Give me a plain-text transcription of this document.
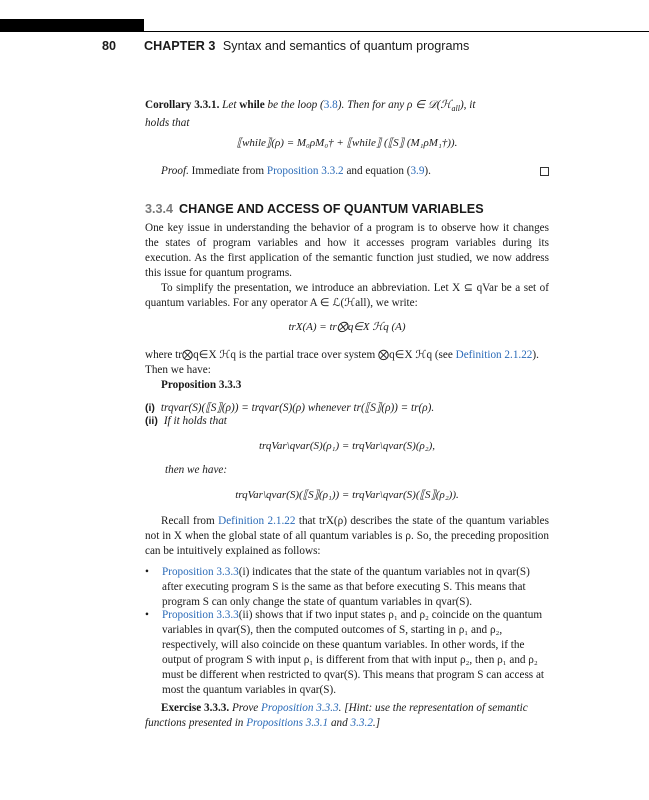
80 CHAPTER 3 Syntax and semantics of quantum programs
Corollary 3.3.1. Let while be the loop (3.8). Then for any ρ ∈ 𝒟(ℋ$_{all}$), it
holds that
⟦while⟧(ρ) = M₀ρM₀† + ⟦while⟧ (⟦S⟧ (M₁ρM₁†)).
Proof. Immediate from Proposition 3.3.2 and equation (3.9).
3.3.4 CHANGE AND ACCESS OF QUANTUM VARIABLES
One key issue in understanding the behavior of a program is to observe how it changes the states of program variables and how it accesses program variables during its execution. As the first application of the semantic function just studied, we now address this issue for quantum programs.
To simplify the presentation, we introduce an abbreviation. Let X ⊆ qVar be a set of quantum variables. For any operator A ∈ ℒ(ℋall), we write:
trX(A) = tr⨂q∈X ℋq (A)
where tr⨂q∈X ℋq is the partial trace over system ⨂q∈X ℋq (see Definition 2.1.22).
Then we have:
Proposition 3.3.3
(i) trqvar(S)(⟦S⟧(ρ)) = trqvar(S)(ρ) whenever tr(⟦S⟧(ρ)) = tr(ρ).
(ii) If it holds that
trqVar\qvar(S)(ρ₁) = trqVar\qvar(S)(ρ₂),
then we have:
trqVar\qvar(S)(⟦S⟧(ρ₁)) = trqVar\qvar(S)(⟦S⟧(ρ₂)).
Recall from Definition 2.1.22 that trX(ρ) describes the state of the quantum variables not in X when the global state of all quantum variables is ρ. So, the preceding proposition can be intuitively explained as follows:
• Proposition 3.3.3(i) indicates that the state of the quantum variables not in qvar(S) after executing program S is the same as that before executing S. This means that program S can only change the state of quantum variables in qvar(S).
• Proposition 3.3.3(ii) shows that if two input states ρ₁ and ρ₂ coincide on the quantum variables in qvar(S), then the computed outcomes of S, starting in ρ₁ and ρ₂, respectively, will also coincide on these quantum variables. In other words, if the output of program S with input ρ₁ is different from that with input ρ₂, then ρ₁ and ρ₂ must be different when restricted to qvar(S). This means that program S can access at most the quantum variables in qvar(S).
Exercise 3.3.3. Prove Proposition 3.3.3. [Hint: use the representation of semantic functions presented in Propositions 3.3.1 and 3.3.2.]
